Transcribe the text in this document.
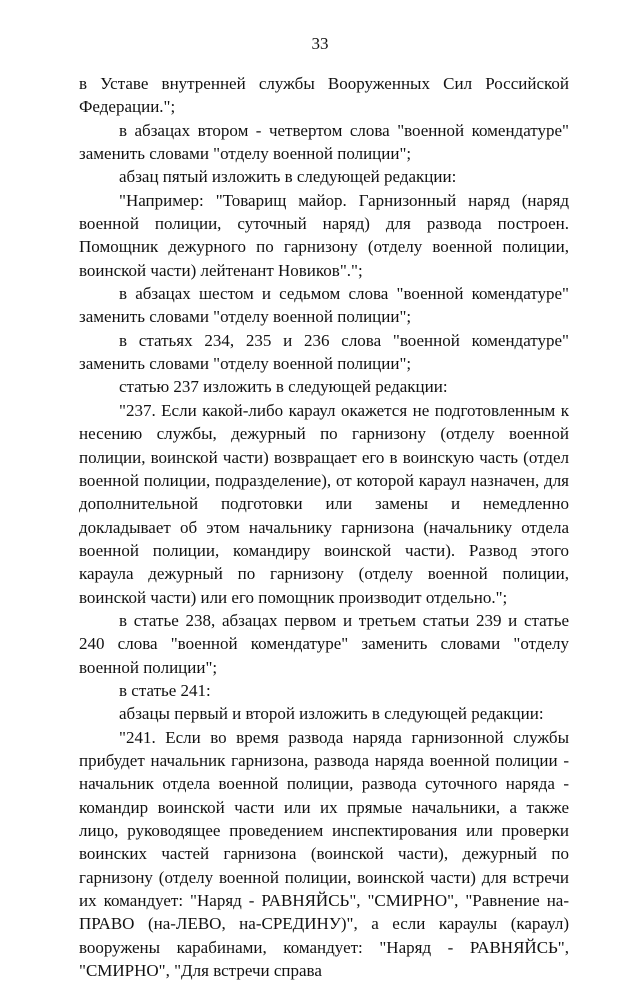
33

в Уставе внутренней службы Вооруженных Сил Российской Федерации.";

в абзацах втором - четвертом слова "военной комендатуре" заменить словами "отделу военной полиции";

абзац пятый изложить в следующей редакции:

"Например: "Товарищ майор. Гарнизонный наряд (наряд военной полиции, суточный наряд) для развода построен. Помощник дежурного по гарнизону (отделу военной полиции, воинской части) лейтенант Новиков".";

в абзацах шестом и седьмом слова "военной комендатуре" заменить словами "отделу военной полиции";

в статьях 234, 235 и 236 слова "военной комендатуре" заменить словами "отделу военной полиции";

статью 237 изложить в следующей редакции:

"237. Если какой-либо караул окажется не подготовленным к несению службы, дежурный по гарнизону (отделу военной полиции, воинской части) возвращает его в воинскую часть (отдел военной полиции, подразделение), от которой караул назначен, для дополнительной подготовки или замены и немедленно докладывает об этом начальнику гарнизона (начальнику отдела военной полиции, командиру воинской части). Развод этого караула дежурный по гарнизону (отделу военной полиции, воинской части) или его помощник производит отдельно.";

в статье 238, абзацах первом и третьем статьи 239 и статье 240 слова "военной комендатуре" заменить словами "отделу военной полиции";

в статье 241:

абзацы первый и второй изложить в следующей редакции:

"241. Если во время развода наряда гарнизонной службы прибудет начальник гарнизона, развода наряда военной полиции - начальник отдела военной полиции, развода суточного наряда - командир воинской части или их прямые начальники, а также лицо, руководящее проведением инспектирования или проверки воинских частей гарнизона (воинской части), дежурный по гарнизону (отделу военной полиции, воинской части) для встречи их командует: "Наряд - РАВНЯЙСЬ", "СМИРНО", "Равнение на-ПРАВО (на-ЛЕВО, на-СРЕДИНУ)", а если караулы (караул) вооружены карабинами, командует: "Наряд - РАВНЯЙСЬ", "СМИРНО", "Для встречи справа
